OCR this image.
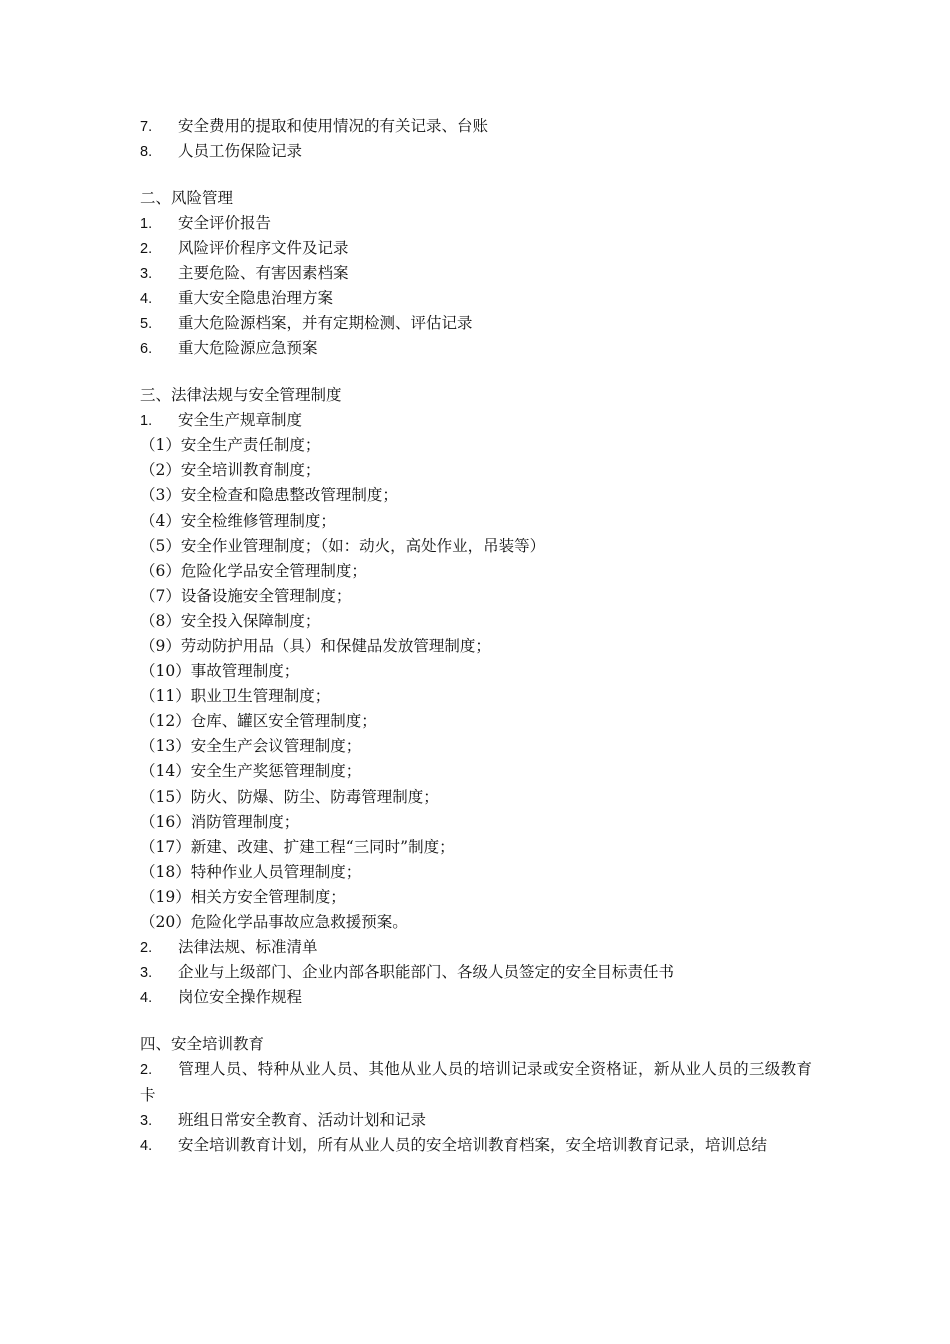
7. 安全费用的提取和使用情况的有关记录、台账
8. 人员工伤保险记录
二、风险管理
1. 安全评价报告
2. 风险评价程序文件及记录
3. 主要危险、有害因素档案
4. 重大安全隐患治理方案
5. 重大危险源档案，并有定期检测、评估记录
6. 重大危险源应急预案
三、法律法规与安全管理制度
1. 安全生产规章制度
（1）安全生产责任制度；
（2）安全培训教育制度；
（3）安全检查和隐患整改管理制度；
（4）安全检维修管理制度；
（5）安全作业管理制度；（如：动火，高处作业，吊装等）
（6）危险化学品安全管理制度；
（7）设备设施安全管理制度；
（8）安全投入保障制度；
（9）劳动防护用品（具）和保健品发放管理制度；
（10）事故管理制度；
（11）职业卫生管理制度；
（12）仓库、罐区安全管理制度；
（13）安全生产会议管理制度；
（14）安全生产奖惩管理制度；
（15）防火、防爆、防尘、防毒管理制度；
（16）消防管理制度；
（17）新建、改建、扩建工程“三同时”制度；
（18）特种作业人员管理制度；
（19）相关方安全管理制度；
（20）危险化学品事故应急救援预案。
2. 法律法规、标准清单
3. 企业与上级部门、企业内部各职能部门、各级人员签定的安全目标责任书
4. 岗位安全操作规程
四、安全培训教育
2. 管理人员、特种从业人员、其他从业人员的培训记录或安全资格证，新从业人员的三级教育卡
3. 班组日常安全教育、活动计划和记录
4. 安全培训教育计划，所有从业人员的安全培训教育档案，安全培训教育记录，培训总结
